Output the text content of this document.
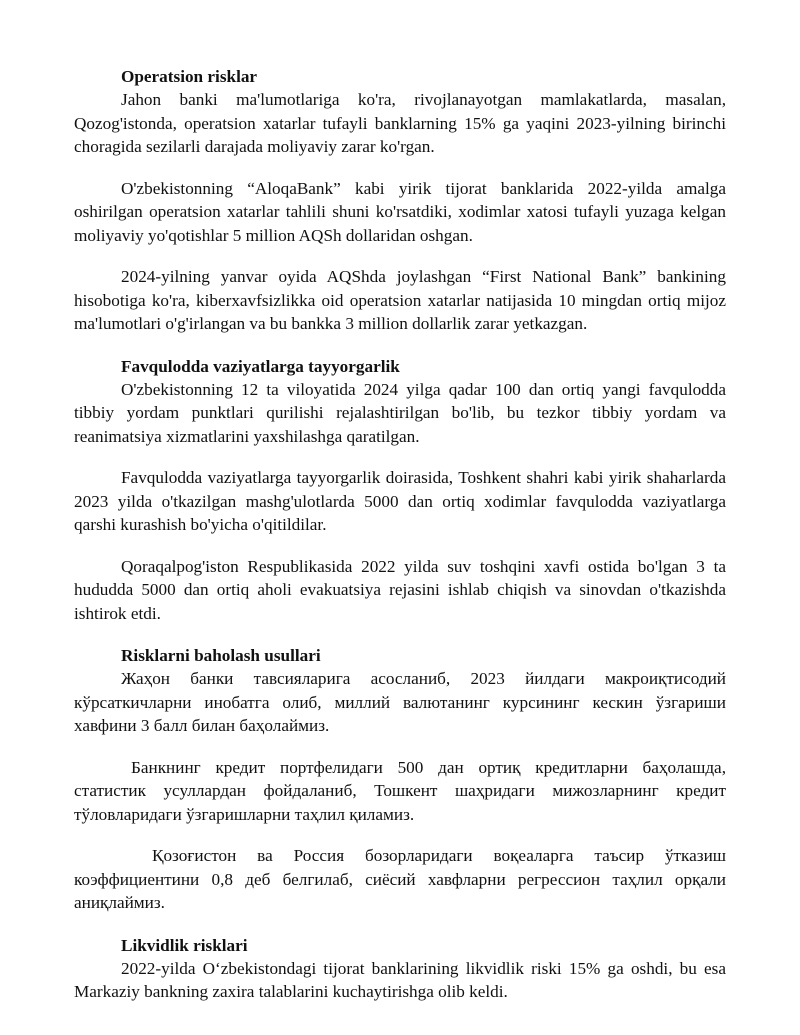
Operatsion risklar

Jahon banki ma'lumotlariga ko'ra, rivojlanayotgan mamlakatlarda, masalan, Qozog'istonda, operatsion xatarlar tufayli banklarning 15% ga yaqini 2023-yilning birinchi choragida sezilarli darajada moliyaviy zarar ko'rgan.

O'zbekistonning “AloqaBank” kabi yirik tijorat banklarida 2022-yilda amalga oshirilgan operatsion xatarlar tahlili shuni ko'rsatdiki, xodimlar xatosi tufayli yuzaga kelgan moliyaviy yo'qotishlar 5 million AQSh dollaridan oshgan.

2024-yilning yanvar oyida AQShda joylashgan “First National Bank” bankining hisobotiga ko'ra, kiberxavfsizlikka oid operatsion xatarlar natijasida 10 mingdan ortiq mijoz ma'lumotlari o'g'irlangan va bu bankka 3 million dollarlik zarar yetkazgan.

Favqulodda vaziyatlarga tayyorgarlik

O'zbekistonning 12 ta viloyatida 2024 yilga qadar 100 dan ortiq yangi favqulodda tibbiy yordam punktlari qurilishi rejalashtirilgan bo'lib, bu tezkor tibbiy yordam va reanimatsiya xizmatlarini yaxshilashga qaratilgan.

Favqulodda vaziyatlarga tayyorgarlik doirasida, Toshkent shahri kabi yirik shaharlarda 2023 yilda o'tkazilgan mashg'ulotlarda 5000 dan ortiq xodimlar favqulodda vaziyatlarga qarshi kurashish bo'yicha o'qitildilar.

Qoraqalpog'iston Respublikasida 2022 yilda suv toshqini xavfi ostida bo'lgan 3 ta hududda 5000 dan ortiq aholi evakuatsiya rejasini ishlab chiqish va sinovdan o'tkazishda ishtirok etdi.

Risklarni baholash usullari

Жаҳон банки тавсияларига асосланиб, 2023 йилдаги макроиқтисодий кўрсаткичларни инобатга олиб, миллий валютанинг курсининг кескин ўзгариши хавфини 3 балл билан баҳолаймиз.

Банкнинг кредит портфелидаги 500 дан ортиқ кредитларни баҳолашда, статистик усуллардан фойдаланиб, Тошкент шаҳридаги мижозларнинг кредит тўловларидаги ўзгаришларни таҳлил қиламиз.

Қозоғистон ва Россия бозорларидаги воқеаларга таъсир ўтказиш коэффициентини 0,8 деб белгилаб, сиёсий хавфларни регрессион таҳлил орқали аниқлаймиз.

Likvidlik risklari

2022-yilda O‘zbekistondagi tijorat banklarining likvidlik riski 15% ga oshdi, bu esa Markaziy bankning zaxira talablarini kuchaytirishga olib keldi.
